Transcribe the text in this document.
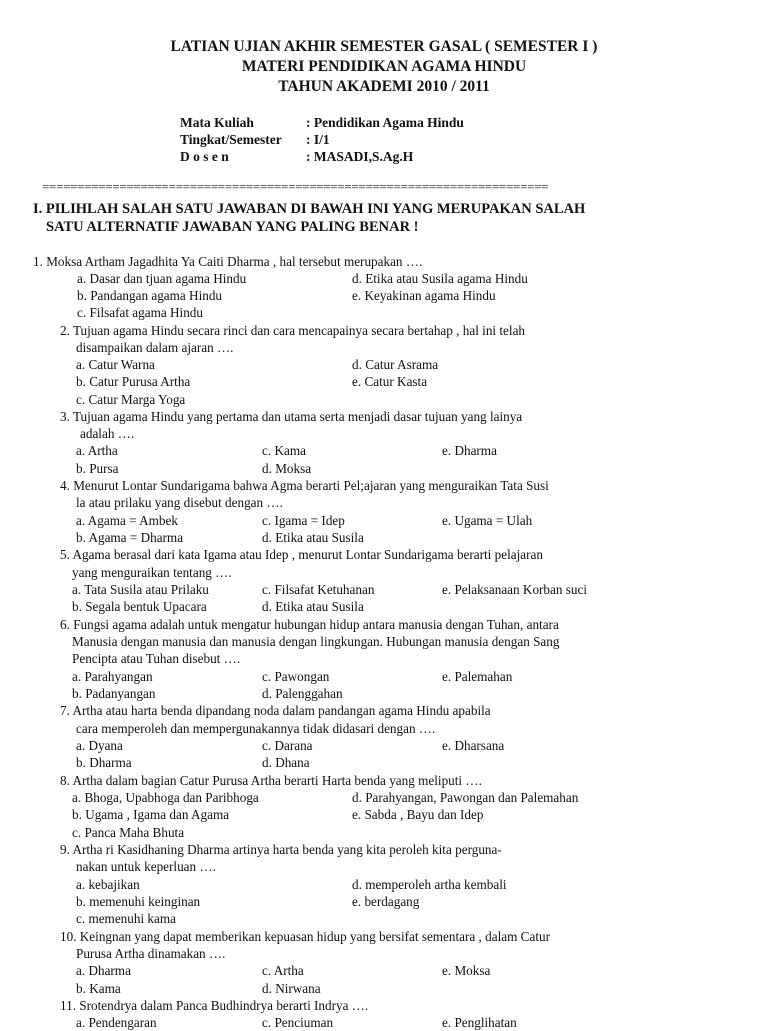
LATIAN UJIAN AKHIR SEMESTER GASAL ( SEMESTER I )
MATERI PENDIDIKAN AGAMA HINDU
TAHUN AKADEMI 2010 / 2011
Mata Kuliah	: Pendidikan Agama Hindu
Tingkat/Semester : I/1
D o s e n	: MASADI,S.Ag.H
========================================================================
I. PILIHLAH SALAH SATU JAWABAN DI BAWAH INI YANG MERUPAKAN SALAH
SATU ALTERNATIF JAWABAN YANG PALING BENAR !
1. Moksa Artham Jagadhita Ya Caiti Dharma , hal tersebut merupakan ….
a. Dasar dan tjuan agama Hindu	d. Etika atau Susila agama Hindu
b. Pandangan agama Hindu	e. Keyakinan agama Hindu
c. Filsafat agama Hindu
2. Tujuan agama Hindu secara rinci dan cara mencapainya secara bertahap , hal ini telah
disampaikan dalam ajaran ….
a. Catur Warna	d. Catur Asrama
b. Catur Purusa Artha	e. Catur Kasta
c. Catur Marga Yoga
3. Tujuan agama Hindu yang pertama dan utama serta menjadi dasar tujuan yang lainya
adalah ….
a. Artha	c. Kama	e. Dharma
b. Pursa	d. Moksa
4. Menurut Lontar Sundarigama bahwa Agma berarti Pel;ajaran yang menguraikan Tata Susi
la atau prilaku yang disebut dengan ….
a. Agama = Ambek	c. Igama = Idep	e. Ugama = Ulah
b. Agama = Dharma	d. Etika atau Susila
5. Agama berasal dari kata Igama atau Idep , menurut Lontar Sundarigama berarti pelajaran
yang menguraikan tentang ….
a. Tata Susila atau Prilaku	c. Filsafat Ketuhanan	e. Pelaksanaan Korban suci
b. Segala bentuk Upacara	d. Etika atau Susila
6. Fungsi agama adalah untuk mengatur hubungan hidup antara manusia dengan Tuhan, antara
Manusia dengan manusia dan manusia dengan lingkungan. Hubungan manusia dengan Sang
Pencipta atau Tuhan disebut ….
a. Parahyangan	c. Pawongan	e. Palemahan
b. Padanyangan	d. Palenggahan
7. Artha atau harta benda dipandang noda dalam pandangan agama Hindu apabila
cara memperoleh dan mempergunakannya tidak didasari dengan ….
a. Dyana	c. Darana	e. Dharsana
b. Dharma	d. Dhana
8. Artha dalam bagian Catur Purusa Artha berarti Harta benda yang meliputi ….
a. Bhoga, Upabhoga dan Paribhoga	d. Parahyangan, Pawongan dan Palemahan
b. Ugama , Igama dan Agama	e. Sabda , Bayu dan Idep
c. Panca Maha Bhuta
9. Artha ri Kasidhaning Dharma artinya harta benda yang kita peroleh kita perguna-
nakan untuk keperluan ….
a. kebajikan	d. memperoleh artha kembali
b. memenuhi keinginan	e. berdagang
c. memenuhi kama
10. Keingnan yang dapat memberikan kepuasan hidup yang bersifat sementara , dalam Catur
Purusa Artha dinamakan ….
a. Dharma	c. Artha	e. Moksa
b. Kama	d. Nirwana
11. Srotendrya dalam Panca Budhindrya berarti Indrya ….
a. Pendengaran	c. Penciuman	e. Penglihatan
